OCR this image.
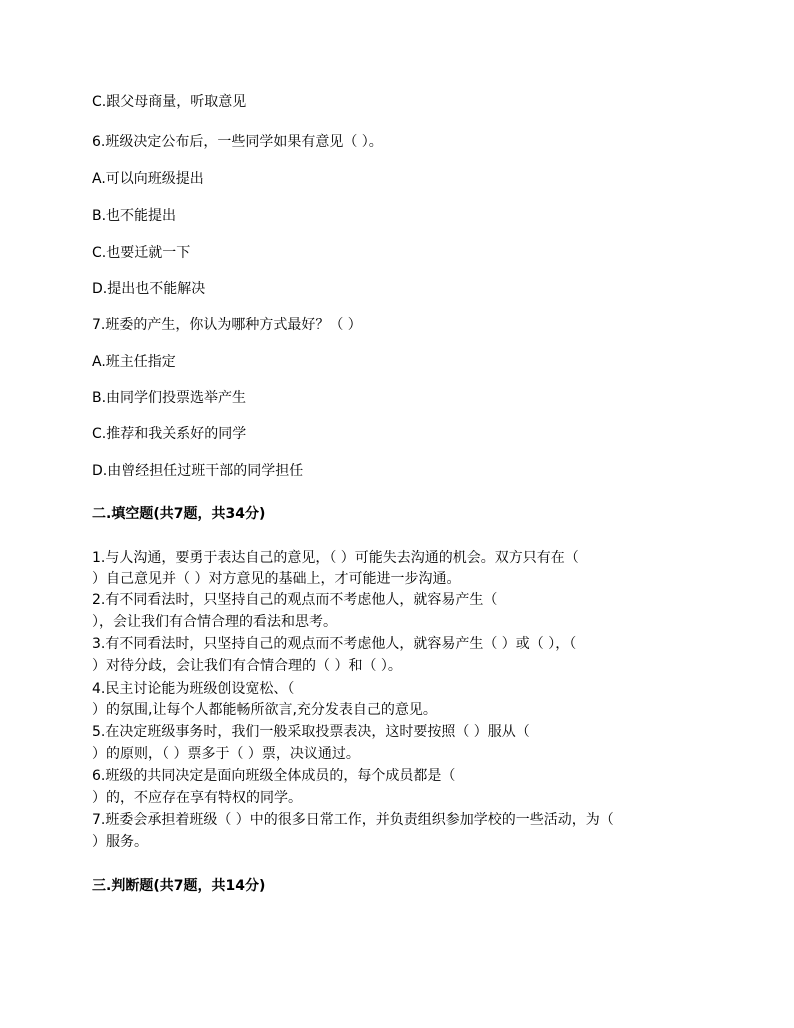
C.跟父母商量，听取意见
6.班级决定公布后，一些同学如果有意见（ ）。
A.可以向班级提出
B.也不能提出
C.也要迁就一下
D.提出也不能解决
7.班委的产生，你认为哪种方式最好？（ ）
A.班主任指定
B.由同学们投票选举产生
C.推荐和我关系好的同学
D.由曾经担任过班干部的同学担任
二.填空题(共7题，共34分)
1.与人沟通，要勇于表达自己的意见，（ ）可能失去沟通的机会。双方只有在（
）自己意见并（ ）对方意见的基础上，才可能进一步沟通。
2.有不同看法时，只坚持自己的观点而不考虑他人，就容易产生（
），会让我们有合情合理的看法和思考。
3.有不同看法时，只坚持自己的观点而不考虑他人，就容易产生（ ）或（ ），（
）对待分歧，会让我们有合情合理的（ ）和（ ）。
4.民主讨论能为班级创设宽松、（
）的氛围,让每个人都能畅所欲言,充分发表自己的意见。
5.在决定班级事务时，我们一般采取投票表决，这时要按照（ ）服从（
）的原则，（ ）票多于（ ）票，决议通过。
6.班级的共同决定是面向班级全体成员的，每个成员都是（
）的，不应存在享有特权的同学。
7.班委会承担着班级（ ）中的很多日常工作，并负责组织参加学校的一些活动，为（
）服务。
三.判断题(共7题，共14分)
